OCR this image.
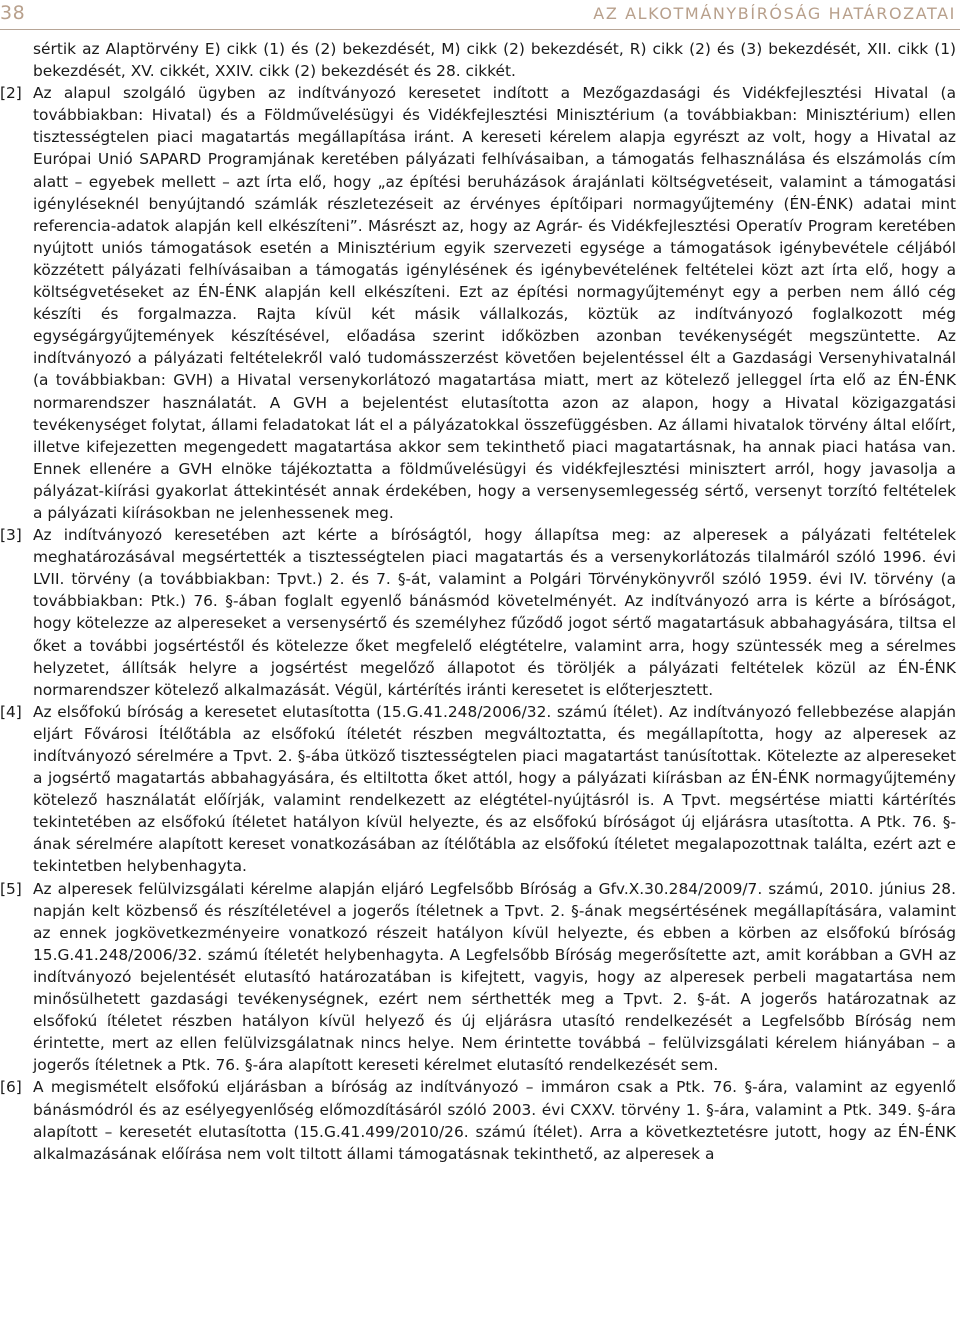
38	AZ ALKOTMÁNYBÍRÓSÁG HATÁROZATAI

sértik az Alaptörvény E) cikk (1) és (2) bekezdését, M) cikk (2) bekezdését, R) cikk (2) és (3) bekezdését, XII. cikk (1) bekezdését, XV. cikkét, XXIV. cikk (2) bekezdését és 28. cikkét.

[2] Az alapul szolgáló ügyben az indítványozó keresetet indított a Mezőgazdasági és Vidékfejlesztési Hivatal (a továbbiakban: Hivatal) és a Földművelésügyi és Vidékfejlesztési Minisztérium (a továbbiakban: Minisztérium) ellen tisztességtelen piaci magatartás megállapítása iránt. A kereseti kérelem alapja egyrészt az volt, hogy a Hivatal az Európai Unió SAPARD Programjának keretében pályázati felhívásaiban, a támogatás felhasználása és elszámolás cím alatt – egyebek mellett – azt írta elő, hogy „az építési beruházások árajánlati költségvetéseit, valamint a támogatási igényléseknél benyújtandó számlák részletezéseit az érvényes építőipari normagyűjtemény (ÉN-ÉNK) adatai mint referencia-adatok alapján kell elkészíteni”. Másrészt az, hogy az Agrár- és Vidékfejlesztési Operatív Program keretében nyújtott uniós támogatások esetén a Minisztérium egyik szervezeti egysége a támogatások igénybevétele céljából közzétett pályázati felhívásaiban a támogatás igénylésének és igénybevételének feltételei közt azt írta elő, hogy a költségvetéseket az ÉN-ÉNK alapján kell elkészíteni. Ezt az építési normagyűjteményt egy a perben nem álló cég készíti és forgalmazza. Rajta kívül két másik vállalkozás, köztük az indítványozó foglalkozott még egységárgyűjtemények készítésével, előadása szerint időközben azonban tevékenységét megszüntette. Az indítványozó a pályázati feltételekről való tudomásszerzést követően bejelentéssel élt a Gazdasági Versenyhivatalnál (a továbbiakban: GVH) a Hivatal versenykorlátozó magatartása miatt, mert az kötelező jelleggel írta elő az ÉN-ÉNK normarendszer használatát. A GVH a bejelentést elutasította azon az alapon, hogy a Hivatal közigazgatási tevékenységet folytat, állami feladatokat lát el a pályázatokkal összefüggésben. Az állami hivatalok törvény által előírt, illetve kifejezetten megengedett magatartása akkor sem tekinthető piaci magatartásnak, ha annak piaci hatása van. Ennek ellenére a GVH elnöke tájékoztatta a földművelésügyi és vidékfejlesztési minisztert arról, hogy javasolja a pályázat-kiírási gyakorlat áttekintését annak érdekében, hogy a versenysemlegesség sértő, versenyt torzító feltételek a pályázati kiírásokban ne jelenhessenek meg.

[3] Az indítványozó keresetében azt kérte a bíróságtól, hogy állapítsa meg: az alperesek a pályázati feltételek meghatározásával megsértették a tisztességtelen piaci magatartás és a versenykorlátozás tilalmáról szóló 1996. évi LVII. törvény (a továbbiakban: Tpvt.) 2. és 7. §-át, valamint a Polgári Törvénykönyvről szóló 1959. évi IV. törvény (a továbbiakban: Ptk.) 76. §-ában foglalt egyenlő bánásmód követelményét. Az indítványozó arra is kérte a bíróságot, hogy kötelezze az alpereseket a versenysértő és személyhez fűződő jogot sértő magatartásuk abbahagyására, tiltsa el őket a további jogsértéstől és kötelezze őket megfelelő elégtételre, valamint arra, hogy szüntessék meg a sérelmes helyzetet, állítsák helyre a jogsértést megelőző állapotot és töröljék a pályázati feltételek közül az ÉN-ÉNK normarendszer kötelező alkalmazását. Végül, kártérítés iránti keresetet is előterjesztett.

[4] Az elsőfokú bíróság a keresetet elutasította (15.G.41.248/2006/32. számú ítélet). Az indítványozó fellebbezése alapján eljárt Fővárosi Ítélőtábla az elsőfokú ítéletét részben megváltoztatta, és megállapította, hogy az alperesek az indítványozó sérelmére a Tpvt. 2. §-ába ütköző tisztességtelen piaci magatartást tanúsítottak. Kötelezte az alpereseket a jogsértő magatartás abbahagyására, és eltiltotta őket attól, hogy a pályázati kiírásban az ÉN-ÉNK normagyűjtemény kötelező használatát előírják, valamint rendelkezett az elégtétel-nyújtásról is. A Tpvt. megsértése miatti kártérítés tekintetében az elsőfokú ítéletet hatályon kívül helyezte, és az elsőfokú bíróságot új eljárásra utasította. A Ptk. 76. §-ának sérelmére alapított kereset vonatkozásában az ítélőtábla az elsőfokú ítéletet megalapozottnak találta, ezért azt e tekintetben helybenhagyta.

[5] Az alperesek felülvizsgálati kérelme alapján eljáró Legfelsőbb Bíróság a Gfv.X.30.284/2009/7. számú, 2010. június 28. napján kelt közbenső és részítéletével a jogerős ítéletnek a Tpvt. 2. §-ának megsértésének megállapítására, valamint az ennek jogkövetkezményeire vonatkozó részeit hatályon kívül helyezte, és ebben a körben az elsőfokú bíróság 15.G.41.248/2006/32. számú ítéletét helybenhagyta. A Legfelsőbb Bíróság megerősítette azt, amit korábban a GVH az indítványozó bejelentését elutasító határozatában is kifejtett, vagyis, hogy az alperesek perbeli magatartása nem minősülhetett gazdasági tevékenységnek, ezért nem sérthették meg a Tpvt. 2. §-át. A jogerős határozatnak az elsőfokú ítéletet részben hatályon kívül helyező és új eljárásra utasító rendelkezését a Legfelsőbb Bíróság nem érintette, mert az ellen felülvizsgálatnak nincs helye. Nem érintette továbbá – felülvizsgálati kérelem hiányában – a jogerős ítéletnek a Ptk. 76. §-ára alapított kereseti kérelmet elutasító rendelkezését sem.

[6] A megismételt elsőfokú eljárásban a bíróság az indítványozó – immáron csak a Ptk. 76. §-ára, valamint az egyenlő bánásmódról és az esélyegyenlőség előmozdításáról szóló 2003. évi CXXV. törvény 1. §-ára, valamint a Ptk. 349. §-ára alapított – keresetét elutasította (15.G.41.499/2010/26. számú ítélet). Arra a következtetésre jutott, hogy az ÉN-ÉNK alkalmazásának előírása nem volt tiltott állami támogatásnak tekinthető, az alperesek a
